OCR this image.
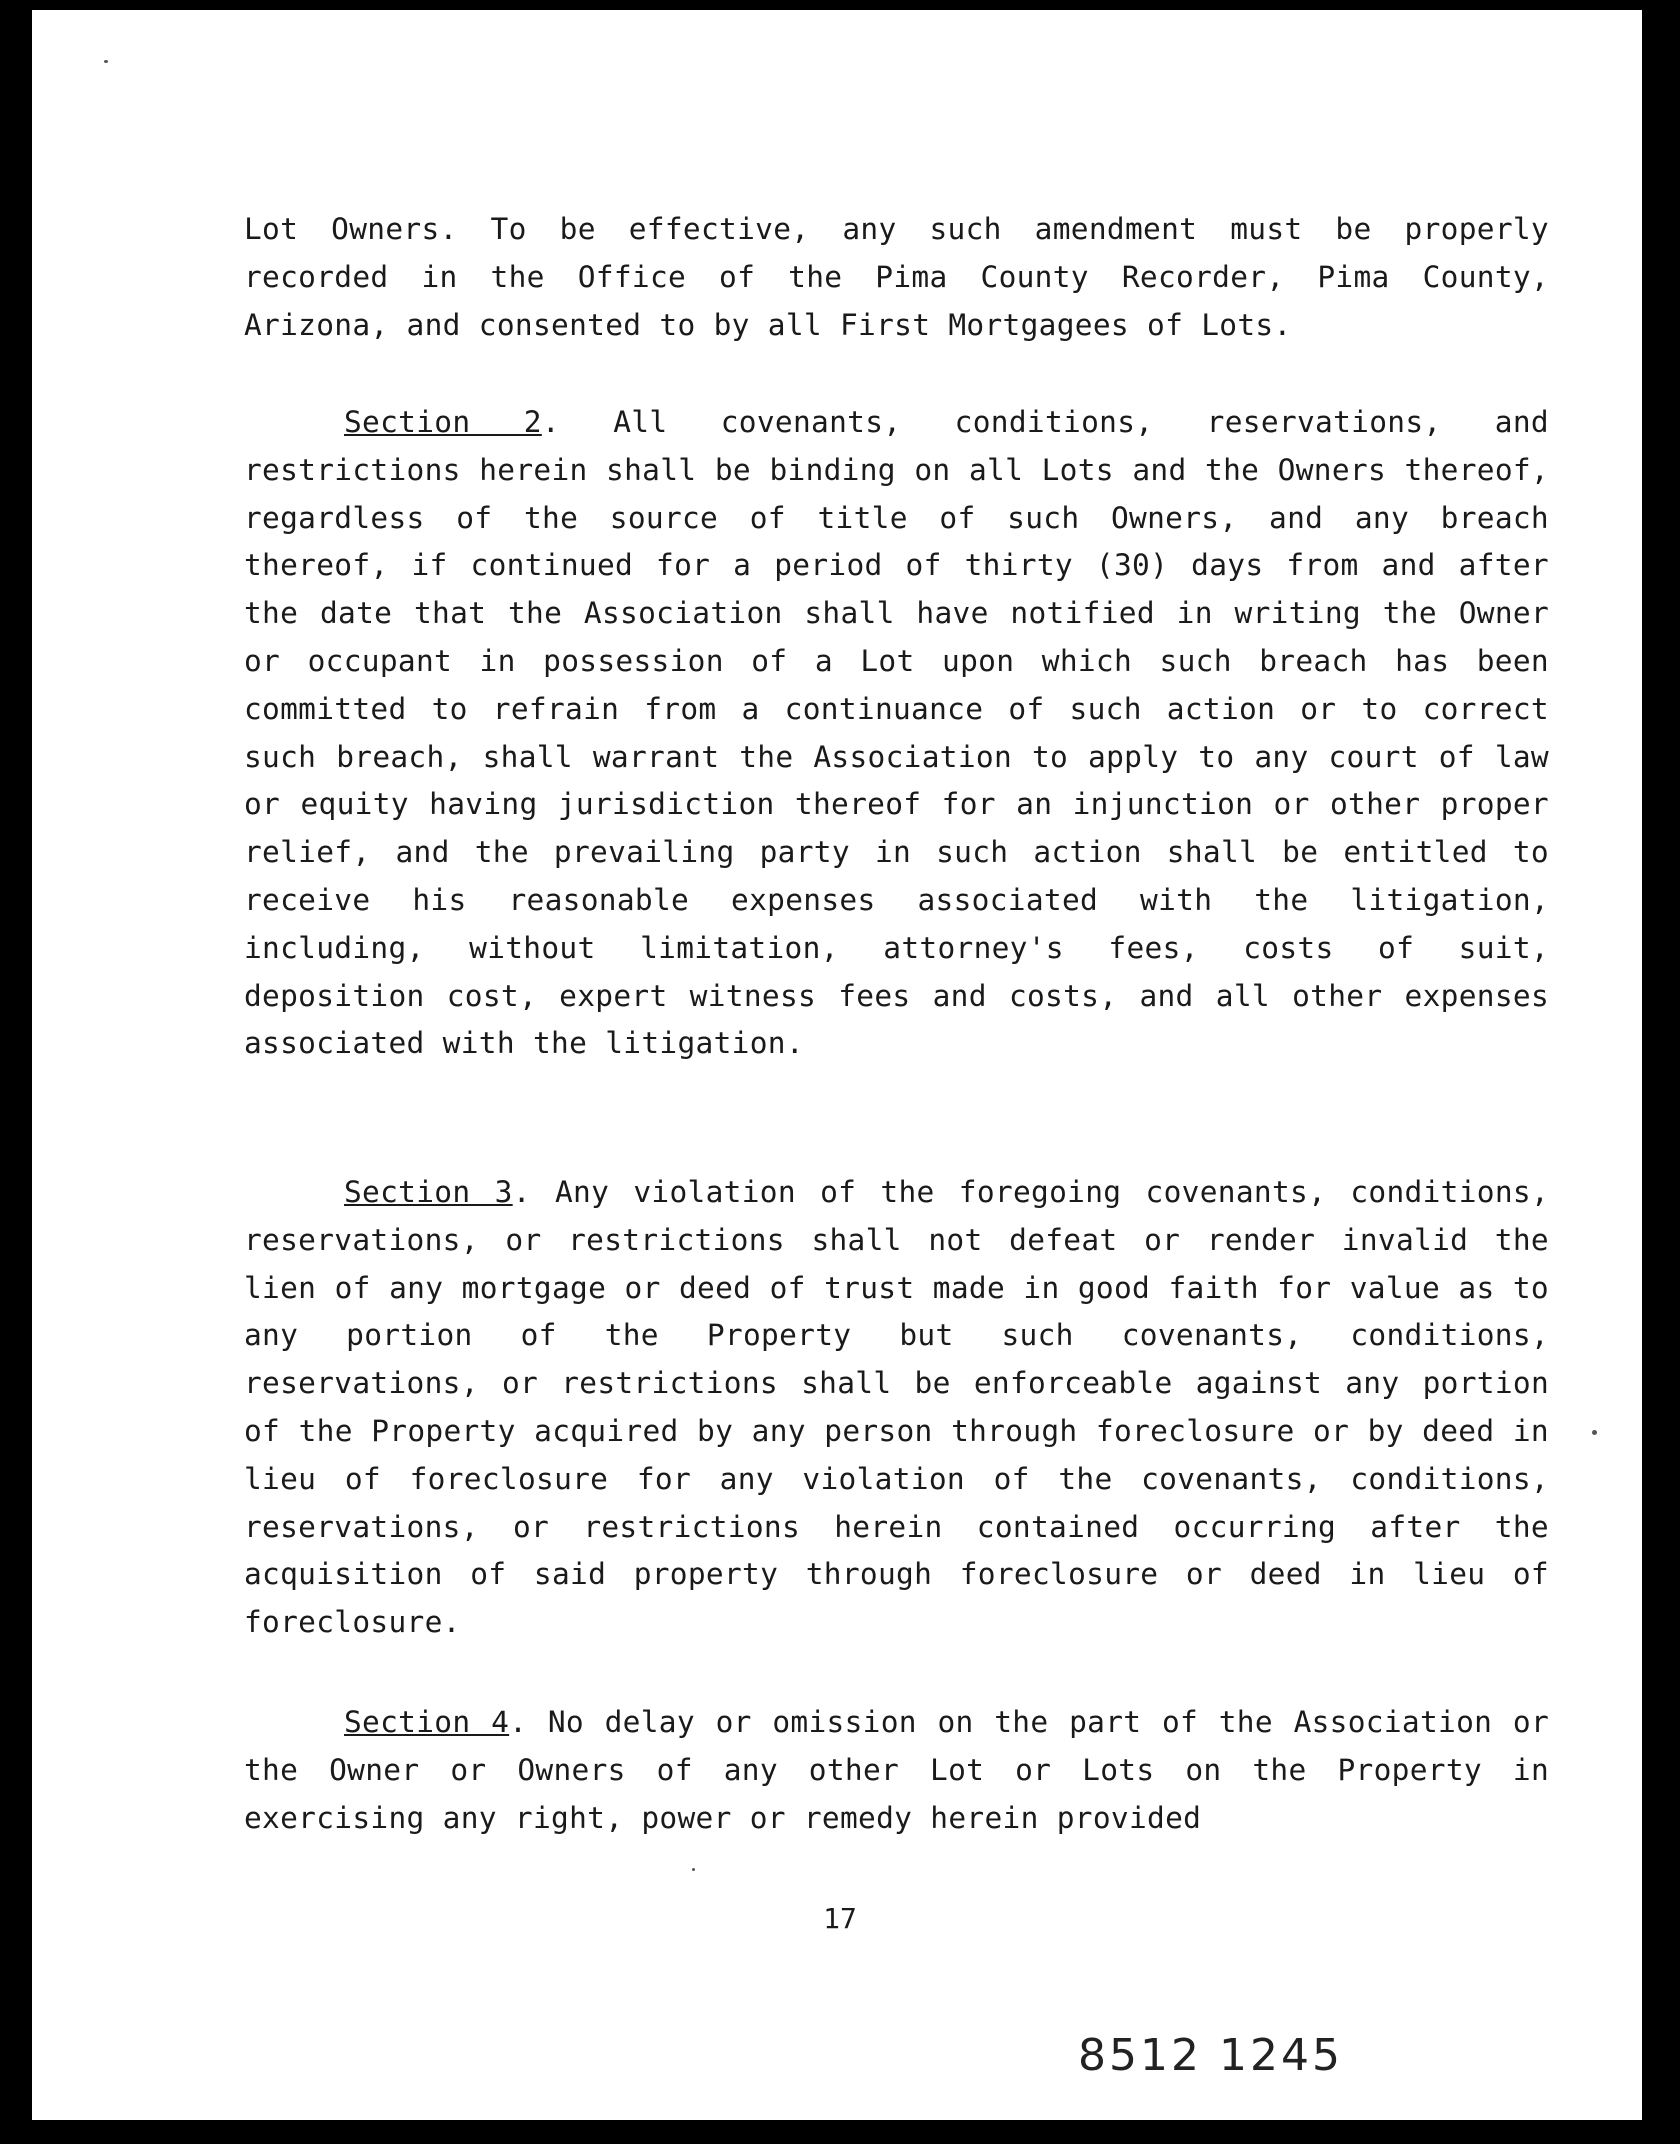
Lot Owners. To be effective, any such amendment must be properly recorded in the Office of the Pima County Recorder, Pima County, Arizona, and consented to by all First Mortgagees of Lots.

Section 2. All covenants, conditions, reservations, and restrictions herein shall be binding on all Lots and the Owners thereof, regardless of the source of title of such Owners, and any breach thereof, if continued for a period of thirty (30) days from and after the date that the Association shall have notified in writing the Owner or occupant in possession of a Lot upon which such breach has been committed to refrain from a continuance of such action or to correct such breach, shall warrant the Association to apply to any court of law or equity having jurisdiction thereof for an injunction or other proper relief, and the prevailing party in such action shall be entitled to receive his reasonable expenses associated with the litigation, including, without limitation, attorney's fees, costs of suit, deposition cost, expert witness fees and costs, and all other expenses associated with the litigation.

Section 3. Any violation of the foregoing covenants, conditions, reservations, or restrictions shall not defeat or render invalid the lien of any mortgage or deed of trust made in good faith for value as to any portion of the Property but such covenants, conditions, reservations, or restrictions shall be enforceable against any portion of the Property acquired by any person through foreclosure or by deed in lieu of foreclosure for any violation of the covenants, conditions, reservations, or restrictions herein contained occurring after the acquisition of said property through foreclosure or deed in lieu of foreclosure.

Section 4. No delay or omission on the part of the Association or the Owner or Owners of any other Lot or Lots on the Property in exercising any right, power or remedy herein provided

17
8512 1245
